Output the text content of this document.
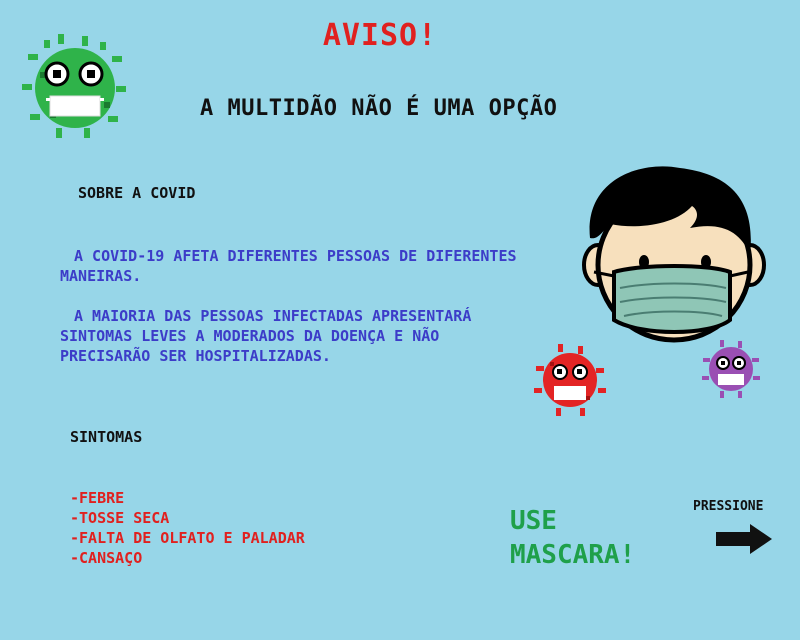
AVISO!
A MULTIDÃO NÃO É UMA OPÇÃO
SOBRE A COVID
A COVID-19 AFETA DIFERENTES PESSOAS DE DIFERENTES MANEIRAS.
A MAIORIA DAS PESSOAS INFECTADAS APRESENTARÁ SINTOMAS LEVES A MODERADOS DA DOENÇA E NÃO PRECISARÃO SER HOSPITALIZADAS.
SINTOMAS
-FEBRE
-TOSSE SECA
-FALTA DE OLFATO E PALADAR
-CANSAÇO
USE
MASCARA!
PRESSIONE
